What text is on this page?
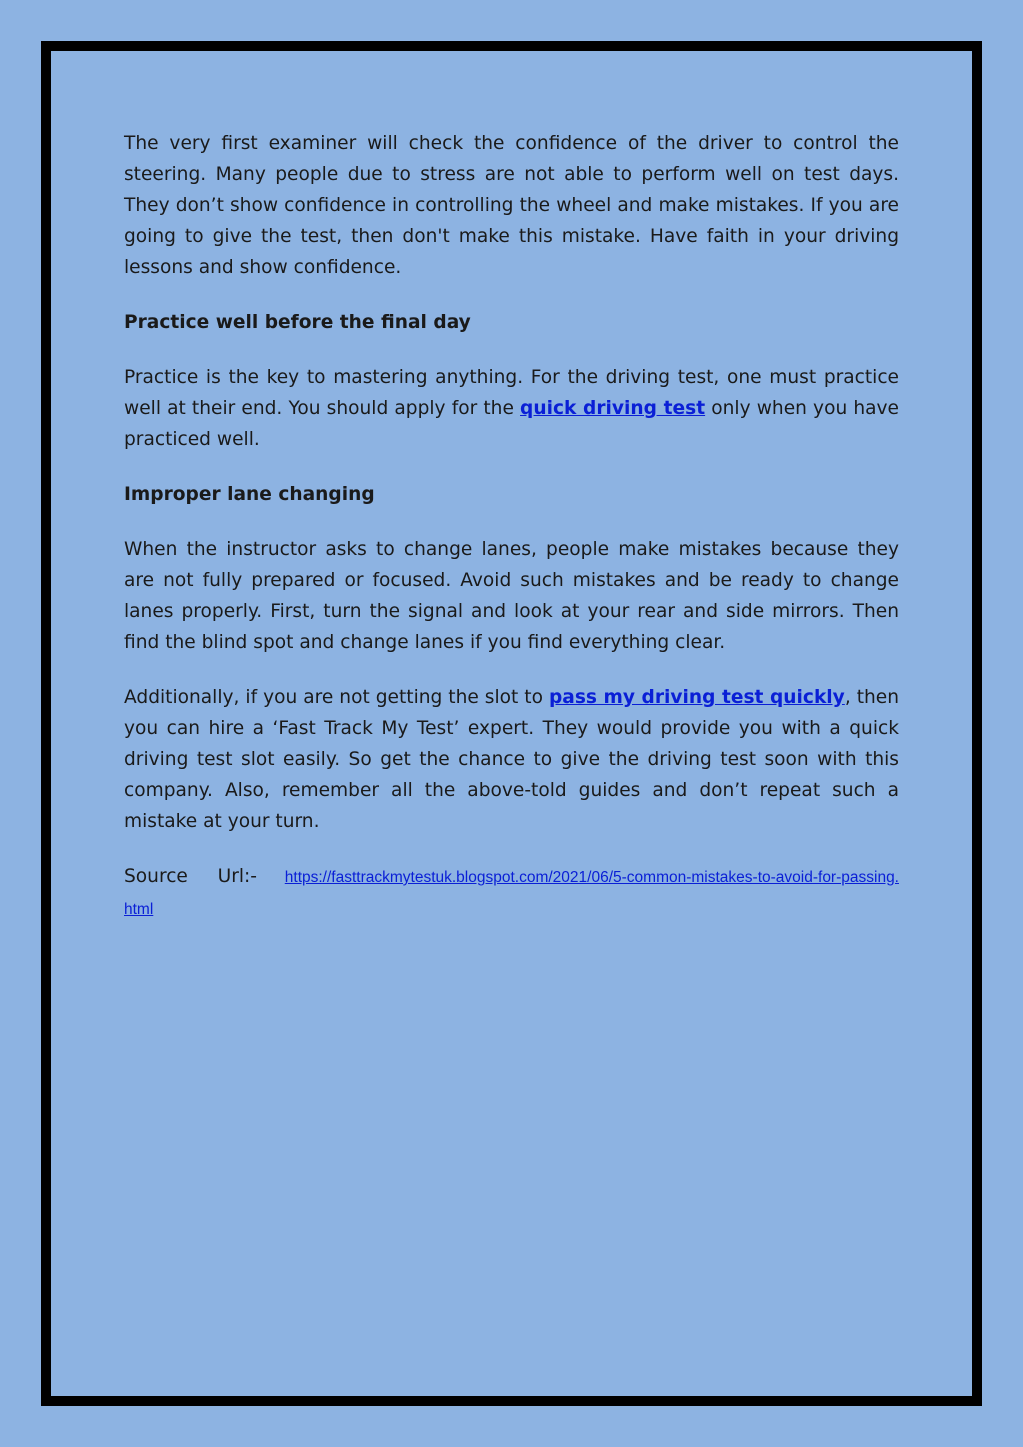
The very first examiner will check the confidence of the driver to control the steering. Many people due to stress are not able to perform well on test days. They don’t show confidence in controlling the wheel and make mistakes. If you are going to give the test, then don't make this mistake. Have faith in your driving lessons and show confidence.

Practice well before the final day

Practice is the key to mastering anything. For the driving test, one must practice well at their end. You should apply for the quick driving test only when you have practiced well.

Improper lane changing

When the instructor asks to change lanes, people make mistakes because they are not fully prepared or focused. Avoid such mistakes and be ready to change lanes properly. First, turn the signal and look at your rear and side mirrors. Then find the blind spot and change lanes if you find everything clear.

Additionally, if you are not getting the slot to pass my driving test quickly, then you can hire a ‘Fast Track My Test’ expert. They would provide you with a quick driving test slot easily. So get the chance to give the driving test soon with this company. Also, remember all the above-told guides and don’t repeat such a mistake at your turn.

Source Url:- https://fasttrackmytestuk.blogspot.com/2021/06/5-common-mistakes-to-avoid-for-passing.html
